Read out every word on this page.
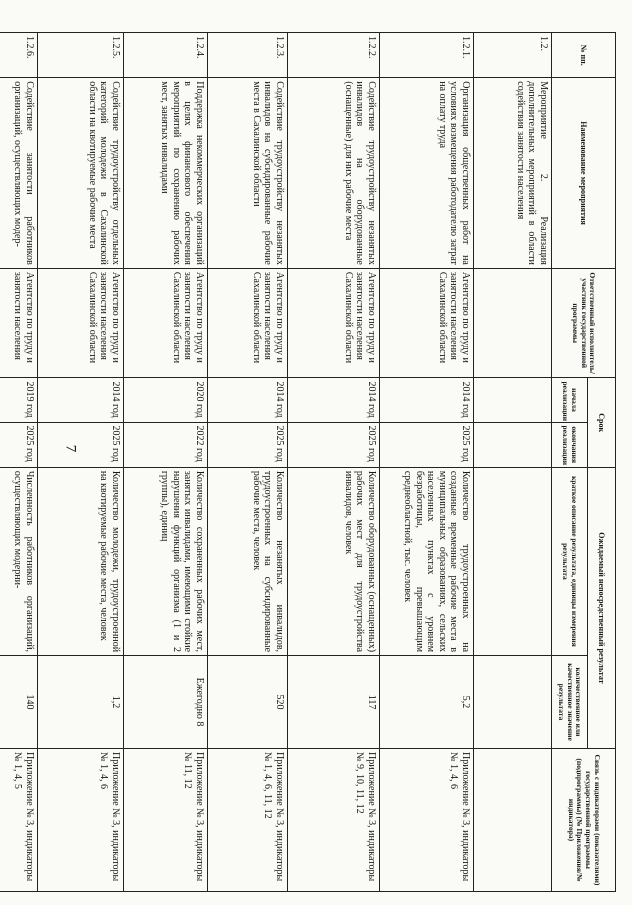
7
№ пп.	Наименование мероприятия	Ответственный исполнитель/участник государственной программы	Срок		Ожидаемый непосредственный результат		Связь с индикаторами (показателями) государственной программы (подпрограммы) (№ Приложения/№ индикатора)
			начала реализации	окончания реализации	краткое описание результата, единицы измерения результата	количественное или качественное значение результата	
1.2.	Мероприятие 2. Реализация дополнительных мероприятий в области содействия занятости населения						
1.2.1.	Организация общественных работ на условиях возмещения работодателю затрат на оплату труда	Агентство по труду и занятости населения Сахалинской области	2014 год	2025 год	Количество трудоустроенных на созданные временные рабочие места в муниципальных образованиях, сельских населенных пунктах с уровнем безработицы, превышающим среднеобластной, тыс. человек	5,2	Приложение № 3, индикаторы № 1, 4, 6
1.2.2.	Содействие трудоустройству незанятых инвалидов на оборудованные (оснащенные) для них рабочие места	Агентство по труду и занятости населения Сахалинской области	2014 год	2025 год	Количество оборудованных (оснащенных) рабочих мест для трудоустройства инвалидов, человек	117	Приложение № 3, индикаторы № 9, 10, 11, 12
1.2.3.	Содействие трудоустройству незанятых инвалидов на субсидированные рабочие места в Сахалинской области	Агентство по труду и занятости населения Сахалинской области	2014 год	2025 год	Количество незанятых инвалидов, трудоустроенных на субсидированные рабочие места, человек	520	Приложение № 3, индикаторы № 1, 4, 6, 11, 12
1.2.4.	Поддержка некоммерческих организаций в целях финансового обеспечения мероприятий по сохранению рабочих мест, занятых инвалидами	Агентство по труду и занятости населения Сахалинской области	2020 год	2022 год	Количество сохраненных рабочих мест, занятых инвалидами, имеющими стойкие нарушения функций организма (1 и 2 группы), единиц	Ежегодно 8	Приложение № 3, индикаторы № 11, 12
1.2.5.	Содействие трудоустройству отдельных категорий молодежи в Сахалинской области на квотируемые рабочие места	Агентство по труду и занятости населения Сахалинской области	2014 год	2025 год	Количество молодежи, трудоустроенной на квотируемые рабочие места, человек	1,2	Приложение № 3, индикаторы № 1, 4, 6
1.2.6.	Содействие занятости работников организаций, осуществляющих модер-	Агентство по труду и занятости населения	2019 год	2025 год	Численность работников организаций, осуществляющих модерни-	140	Приложение № 3, индикаторы № 1, 4, 5
